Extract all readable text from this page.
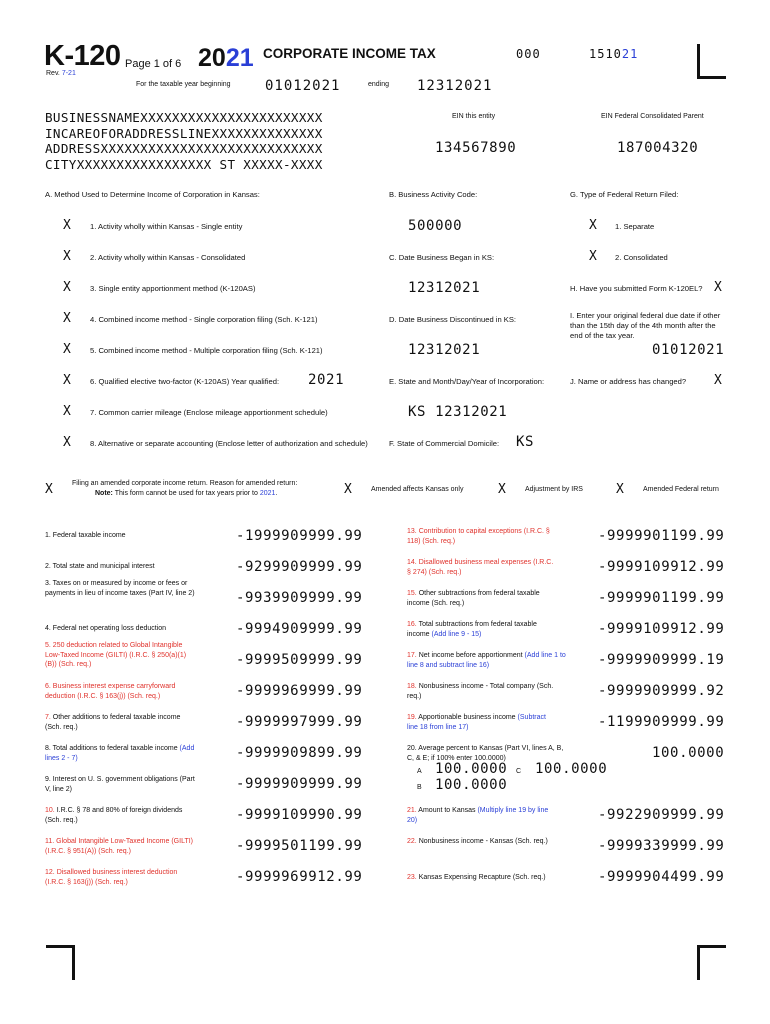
K-120 Page 1 of 6 2021 CORPORATE INCOME TAX	000	151021
Rev. 7-21
For the taxable year beginning 01012021	ending 12312021
BUSINESSNAMEXXXXXXXXXXXXXXXXXXXXXXX
INCAREOFORADDRESSLINEXXXXXXXXXXXXXX
ADDRESSXXXXXXXXXXXXXXXXXXXXXXXXXXXX
CITYXXXXXXXXXXXXXXXXX ST XXXXX-XXXX
EIN this entity
134567890
EIN Federal Consolidated Parent
187004320
A. Method Used to Determine Income of Corporation in Kansas:
X	1. Activity wholly within Kansas - Single entity
X	2. Activity wholly within Kansas - Consolidated
X	3. Single entity apportionment method (K-120AS)
X	4. Combined income method - Single corporation filing (Sch. K-121)
X	5. Combined income method - Multiple corporation filing (Sch. K-121)
X	6. Qualified elective two-factor (K-120AS) Year qualified: 2021
X	7. Common carrier mileage (Enclose mileage apportionment schedule)
X	8. Alternative or separate accounting (Enclose letter of authorization and schedule)
B. Business Activity Code:
500000
C. Date Business Began in KS:
12312021
D. Date Business Discontinued in KS:
12312021
E. State and Month/Day/Year of Incorporation:
KS 12312021
F. State of Commercial Domicile: KS
G. Type of Federal Return Filed:
X 1. Separate
X 2. Consolidated
H. Have you submitted Form K-120EL? X
I. Enter your original federal due date if other than the 15th day of the 4th month after the end of the tax year.
01012021
J. Name or address has changed? X
X	Filing an amended corporate income return. Reason for amended return:
Note: This form cannot be used for tax years prior to 2021.	X	Amended affects Kansas only	X	Adjustment by IRS	X	Amended Federal return
1. Federal taxable income	-1999909999.99
2. Total state and municipal interest	-9299909999.99
3. Taxes on or measured by income or fees or payments in lieu of income taxes (Part IV, line 2)	-9939909999.99
4. Federal net operating loss deduction	-9994909999.99
5. 250 deduction related to Global Intangible Low-Taxed Income (GILTI) (I.R.C. § 250(a)(1)(B)) (Sch. req.)	-9999509999.99
6. Business interest expense carryforward deduction (I.R.C. § 163(j)) (Sch. req.)	-9999969999.99
7. Other additions to federal taxable income (Sch. req.)	-9999997999.99
8. Total additions to federal taxable income (Add lines 2 - 7)	-9999909899.99
9. Interest on U. S. government obligations (Part V, line 2)	-9999909999.99
10. I.R.C. § 78 and 80% of foreign dividends (Sch. req.)	-9999109990.99
11. Global Intangible Low-Taxed Income (GILTI) (I.R.C. § 951(A)) (Sch. req.)	-9999501199.99
12. Disallowed business interest deduction (I.R.C. § 163(j)) (Sch. req.)	-9999969912.99
13. Contribution to capital exceptions (I.R.C. § 118) (Sch. req.)	-9999901199.99
14. Disallowed business meal expenses (I.R.C. § 274) (Sch. req.)	-9999109912.99
15. Other subtractions from federal taxable income (Sch. req.)	-9999901199.99
16. Total subtractions from federal taxable income (Add line 9 - 15)	-9999109912.99
17. Net income before apportionment (Add line 1 to line 8 and subtract line 16)	-9999909999.19
18. Nonbusiness income - Total company (Sch. req.)	-9999909999.92
19. Apportionable business income (Subtract line 18 from line 17)	-1199909999.99
20. Average percent to Kansas (Part VI, lines A, B, C, & E; if 100% enter 100.0000)	100.0000
A 100.0000 C 100.0000
B 100.0000
21. Amount to Kansas (Multiply line 19 by line 20)	-9922909999.99
22. Nonbusiness income - Kansas (Sch. req.)	-9999339999.99
23. Kansas Expensing Recapture (Sch. req.)	-9999904499.99
